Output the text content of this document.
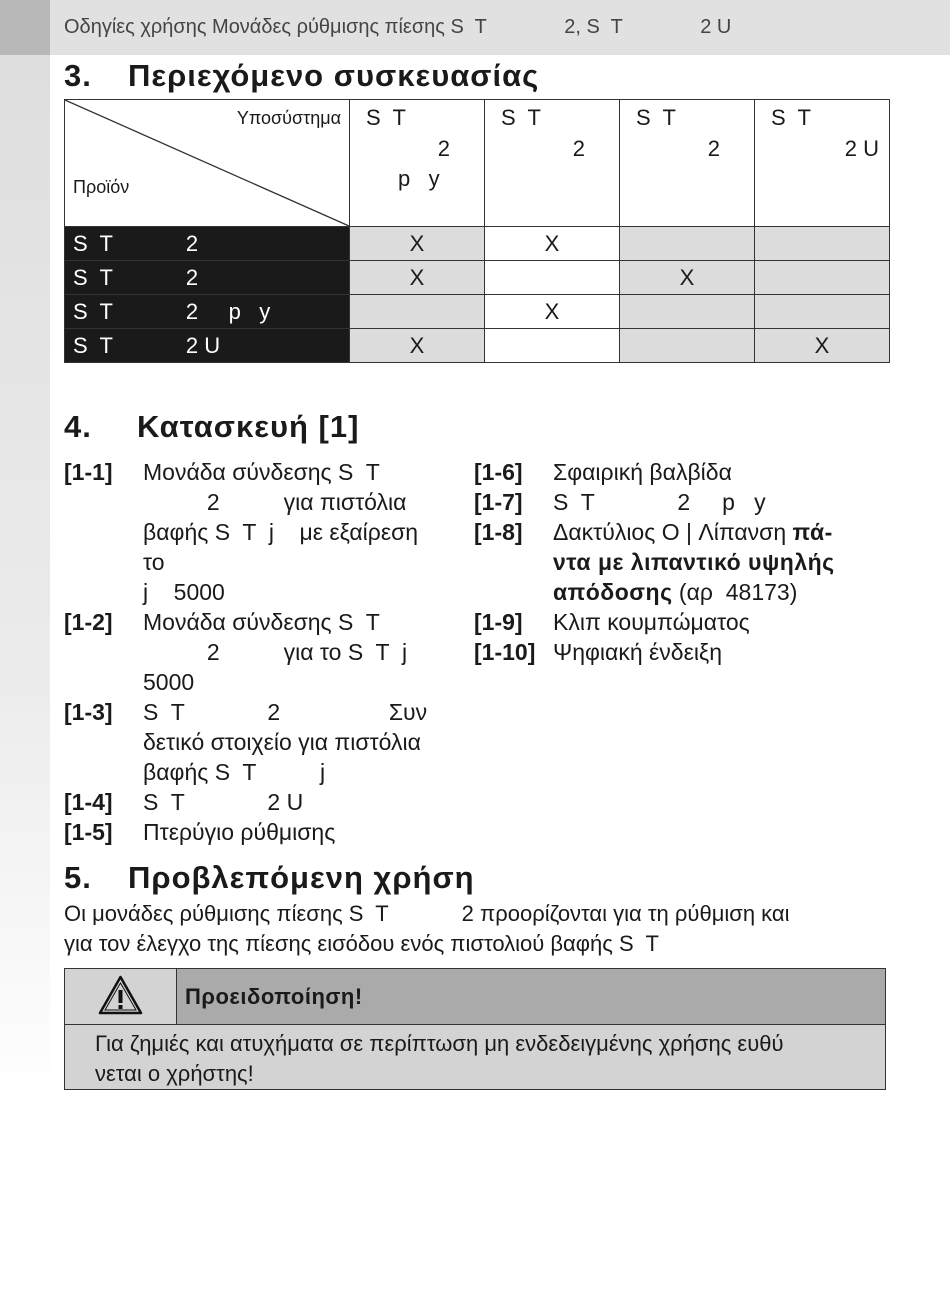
Οδηγίες χρήσης Μονάδες ρύθμισης πίεσης S  T              2, S  T              2 U
3. Περιεχόμενο συσκευασίας
Υποσύστημα
Προϊόν	S  T
2
p   y	S  T
2	S  T
2	S  T
2 U

S  T            2	X	X		
S  T            2	X		X	
S  T            2     p   y		X		
S  T            2 U	X			X
4. Κατασκευή [1]
[1-1]	Μονάδα σύνδεσης S  T
2          για πιστόλια
βαφής S  T  j    με εξαίρεση
το
j    5000
[1-2]	Μονάδα σύνδεσης S  T
2          για το S  T  j
5000
[1-3]	S  T             2                 Συν
δετικό στοιχείο για πιστόλια
βαφής S  T          j
[1-4]	S  T             2 U
[1-5]	Πτερύγιο ρύθμισης
[1-6]	Σφαιρική βαλβίδα
[1-7]	S  T             2     p   y
[1-8]	Δακτύλιος O | Λίπανση πά-
ντα με λιπαντικό υψηλής
απόδοσης (αρ  48173)
[1-9]	Κλιπ κουμπώματος
[1-10] Ψηφιακή ένδειξη
5. Προβλεπόμενη χρήση
Οι μονάδες ρύθμισης πίεσης S  T            2 προορίζονται για τη ρύθμιση και
για τον έλεγχο της πίεσης εισόδου ενός πιστολιού βαφής S  T
Προειδοποίηση!
Για ζημιές και ατυχήματα σε περίπτωση μη ενδεδειγμένης χρήσης ευθύ
νεται ο χρήστης!
